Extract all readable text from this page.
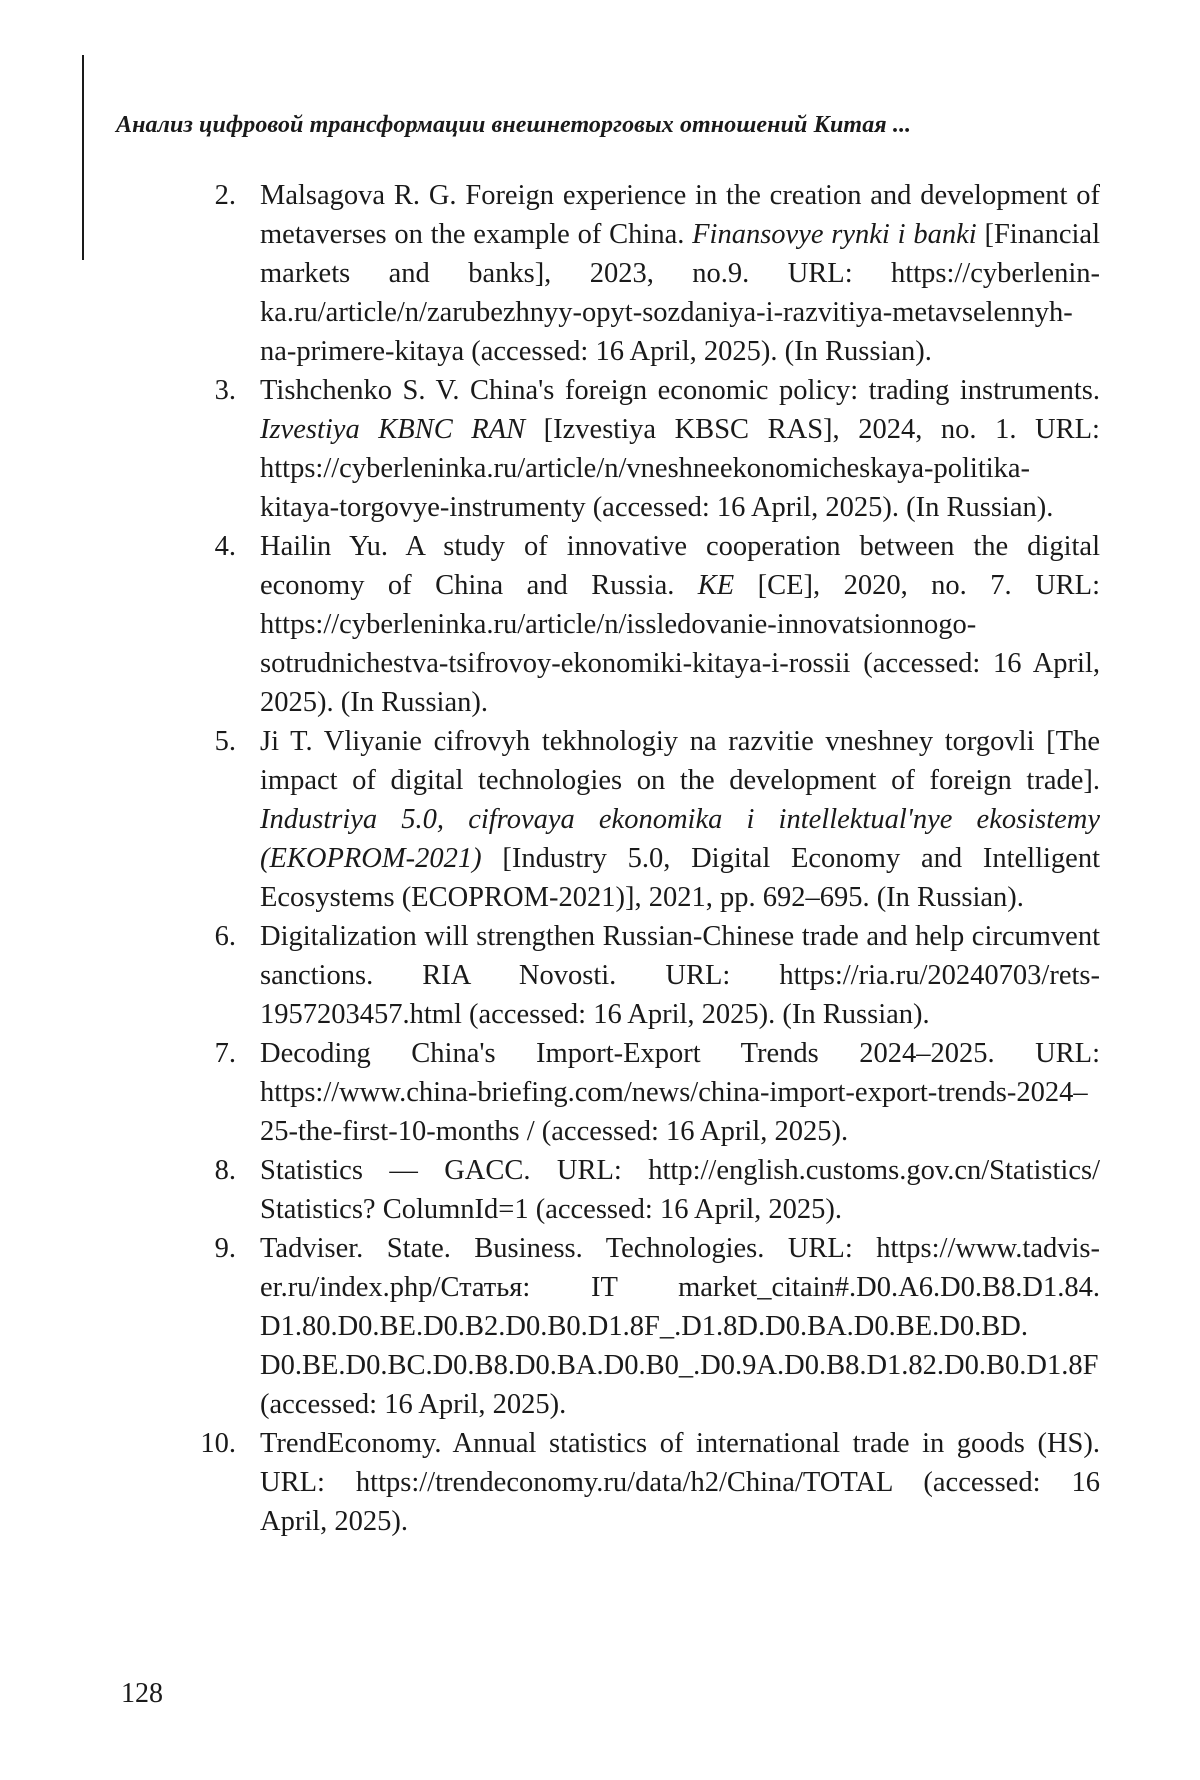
Анализ цифровой трансформации внешнеторговых отношений Китая ...
2. Malsagova R. G. Foreign experience in the creation and development of metaverses on the example of China. Finansovye rynki i banki [Financial markets and banks], 2023, no.9. URL: https://cyberlenin­ka.ru/article/n/zarubezhnyy-opyt-sozdaniya-i-razvitiya-metavsel­ennyh-na-primere-kitaya (accessed: 16 April, 2025). (In Russian).
3. Tishchenko S. V. China's foreign economic policy: trading instru­ments. Izvestiya KBNC RAN [Izvestiya KBSC RAS], 2024, no. 1. URL: https://cyberleninka.ru/article/n/vneshneekonomicheskaya-politika-kitaya-torgovye-instrumenty (accessed: 16 April, 2025). (In Russian).
4. Hailin Yu. A study of innovative cooperation between the digi­tal economy of China and Russia. KE [CE], 2020, no. 7. URL: https://cyberleninka.ru/article/n/issledovanie-innovatsionnogo-sotrudnichestva-tsifrovoy-ekonomiki-kitaya-i-rossii (accessed: 16 April, 2025). (In Russian).
5. Ji T. Vliyanie cifrovyh tekhnologiy na razvitie vneshney torgovli [The impact of digital technologies on the development of for­eign trade]. Industriya 5.0, cifrovaya ekonomika i intellektual'nye ekosistemy (EKOPROM-2021) [Industry 5.0, Digital Economy and Intelligent Ecosystems (ECOPROM-2021)], 2021, pp. 692–695. (In Russian).
6. Digitalization will strengthen Russian-Chinese trade and help cir­cumvent sanctions. RIA Novosti. URL: https://ria.ru/20240703/​rets-1957203457.html (accessed: 16 April, 2025). (In Russian).
7. Decoding China's Import-Export Trends 2024–2025. URL: https://www.china-briefing.com/news/china-import-export-trends-2024–25-the-first-10-months / (accessed: 16 April, 2025).
8. Statistics — GACC. URL: http://english.customs.gov.cn/Statistics/​Statistics? ColumnId=1 (accessed: 16 April, 2025).
9. Tadviser. State. Business. Technologies. URL: https://www.tadvis­er.ru/index.php/Статья: IT market_citain#.D0.A6.D0.B8.D1.84.​D1.80.D0.BE.D0.B2.D0.B0.D1.8F_.D1.8D.D0.BA.D0.BE.D0.BD.​D0.BE.D0.BC.D0.B8.D0.BA.D0.B0_.D0.9A.D0.B8.D1.82.D0.B0.​D1.8F (accessed: 16 April, 2025).
10. TrendEconomy. Annual statistics of international trade in goods (HS). URL: https://trendeconomy.ru/data/h2/China/TOTAL (ac­cessed: 16 April, 2025).
128
